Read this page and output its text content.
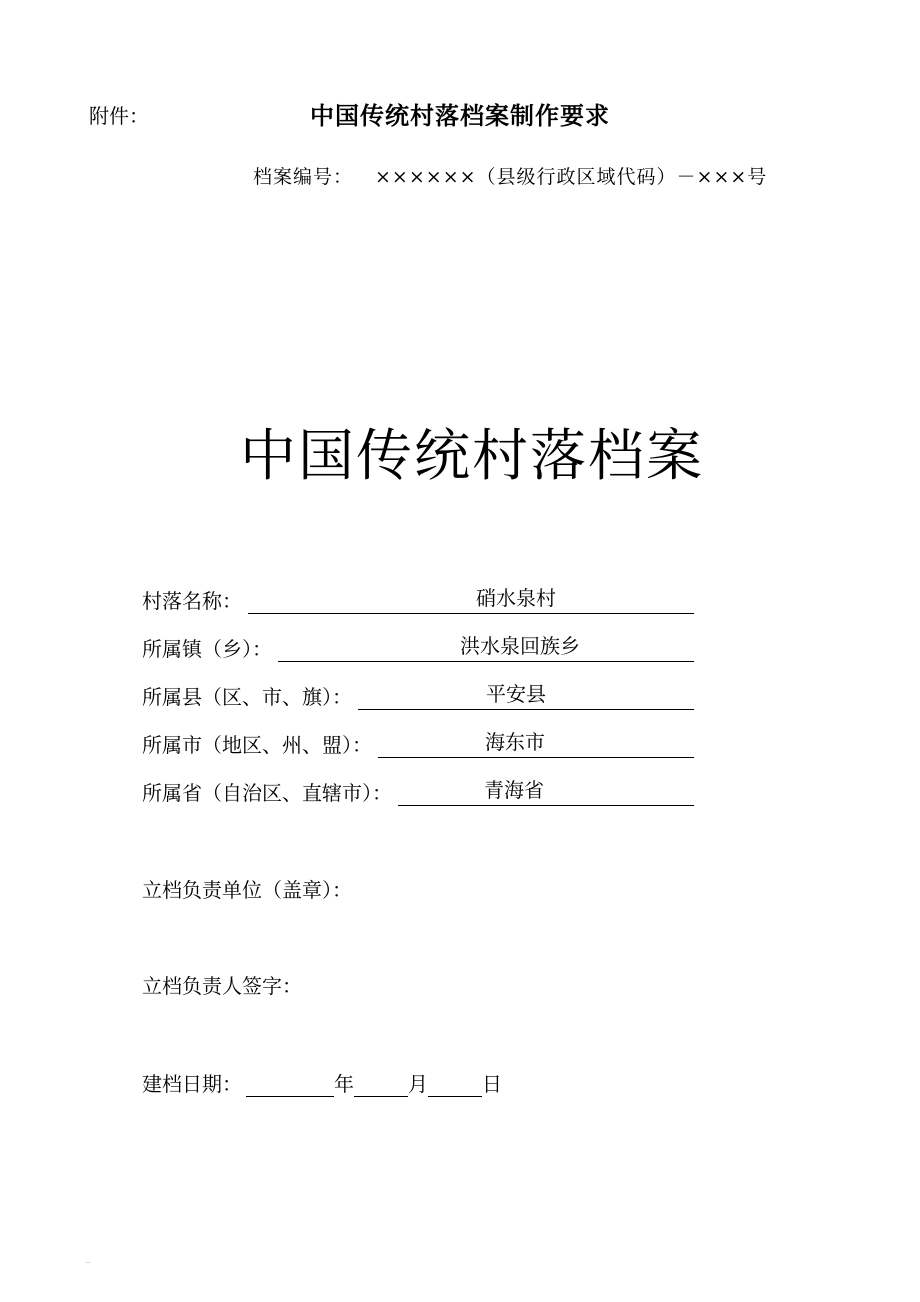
附件：	中国传统村落档案制作要求
档案编号： ××××××（县级行政区域代码）－×××号
中国传统村落档案
村落名称：	硝水泉村
所属镇（乡）：	洪水泉回族乡
所属县（区、市、旗）：	平安县
所属市（地区、州、盟）：	海东市
所属省（自治区、直辖市）：	青海省
立档负责单位（盖章）：
立档负责人签字：
建档日期：	年	月	日
